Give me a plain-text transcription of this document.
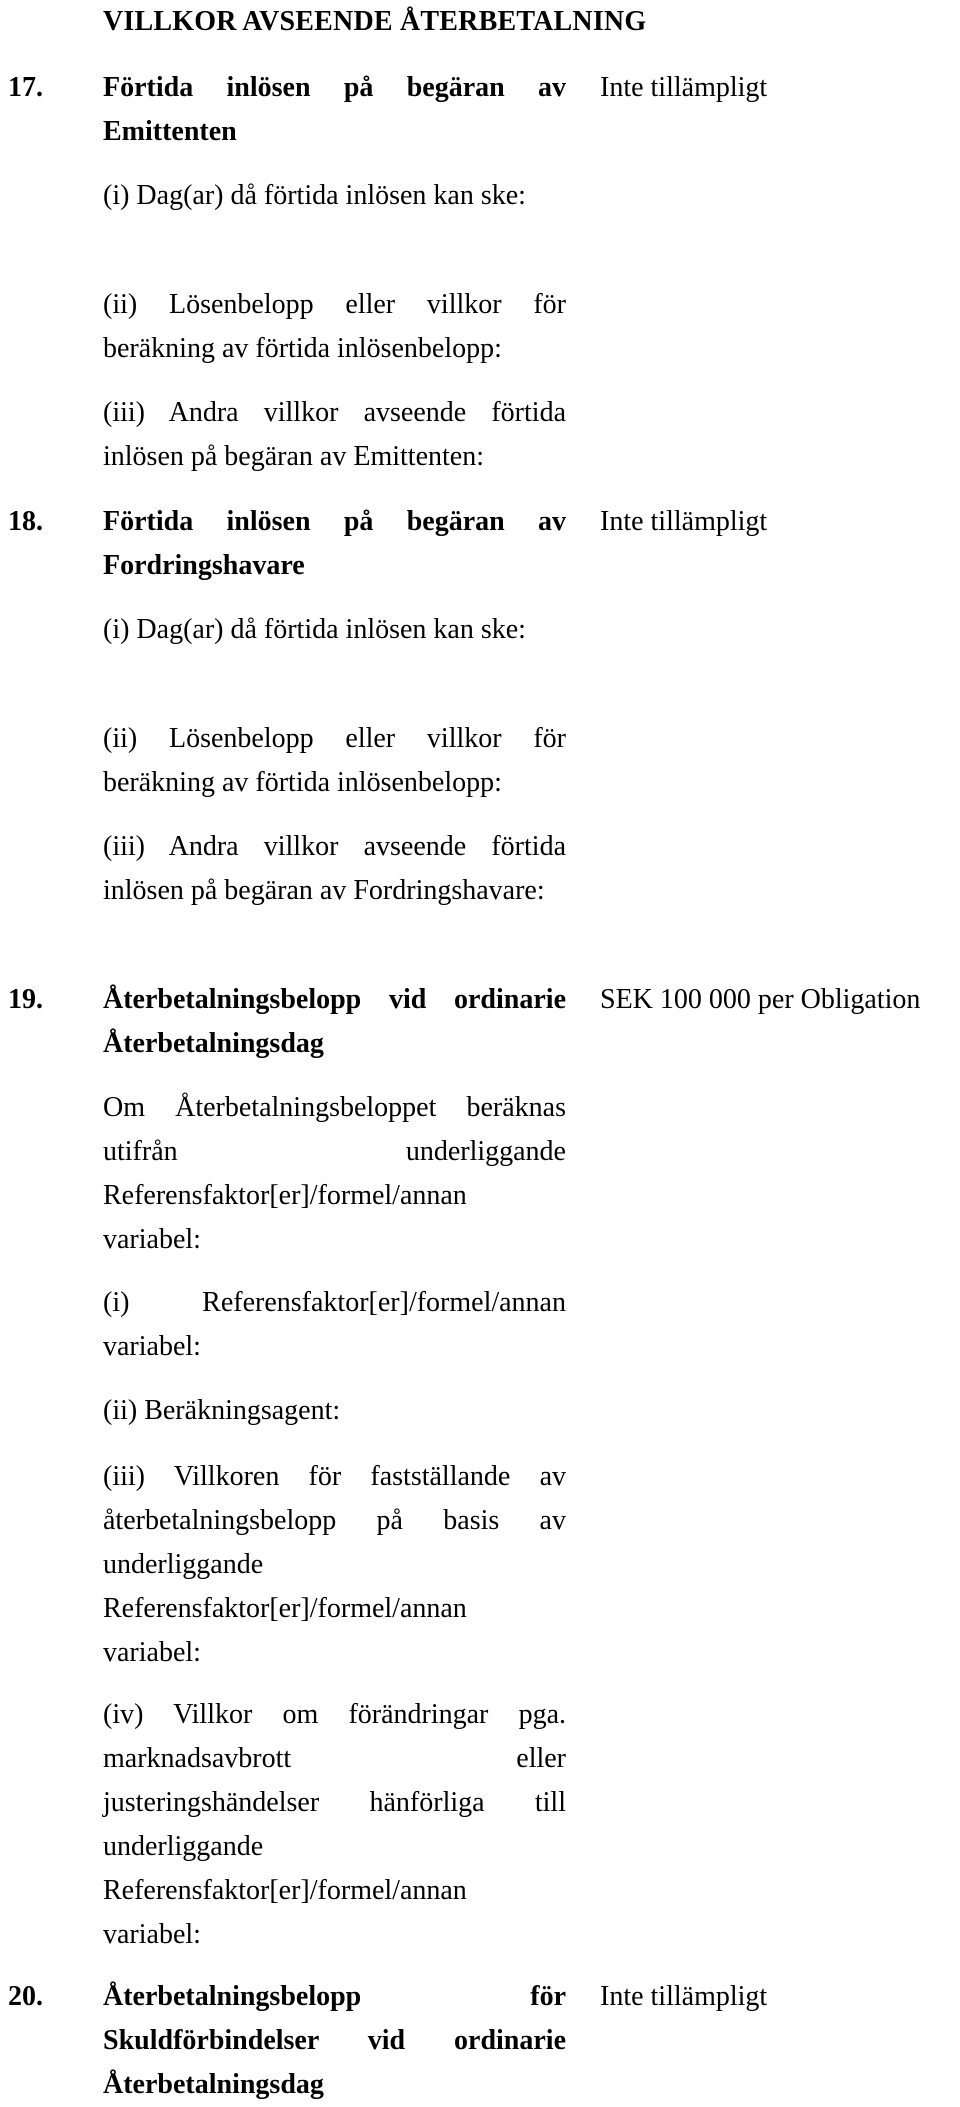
VILLKOR AVSEENDE ÅTERBETALNING
17. Förtida inlösen på begäran av Emittenten
Inte tillämpligt
(i) Dag(ar) då förtida inlösen kan ske:
(ii) Lösenbelopp eller villkor för beräkning av förtida inlösenbelopp:
(iii) Andra villkor avseende förtida inlösen på begäran av Emittenten:
18. Förtida inlösen på begäran av Fordringshavare
Inte tillämpligt
(i) Dag(ar) då förtida inlösen kan ske:
(ii) Lösenbelopp eller villkor för beräkning av förtida inlösenbelopp:
(iii) Andra villkor avseende förtida inlösen på begäran av Fordringshavare:
19. Återbetalningsbelopp vid ordinarie Återbetalningsdag
SEK 100 000 per Obligation
Om Återbetalningsbeloppet beräknas utifrån underliggande Referensfaktor[er]/formel/annan variabel:
(i) Referensfaktor[er]/formel/annan variabel:
(ii) Beräkningsagent:
(iii) Villkoren för fastställande av återbetalningsbelopp på basis av underliggande Referensfaktor[er]/formel/annan variabel:
(iv) Villkor om förändringar pga. marknadsavbrott eller justeringshändelser hänförliga till underliggande Referensfaktor[er]/formel/annan variabel:
20. Återbetalningsbelopp för Skuldförbindelser vid ordinarie Återbetalningsdag
Inte tillämpligt
